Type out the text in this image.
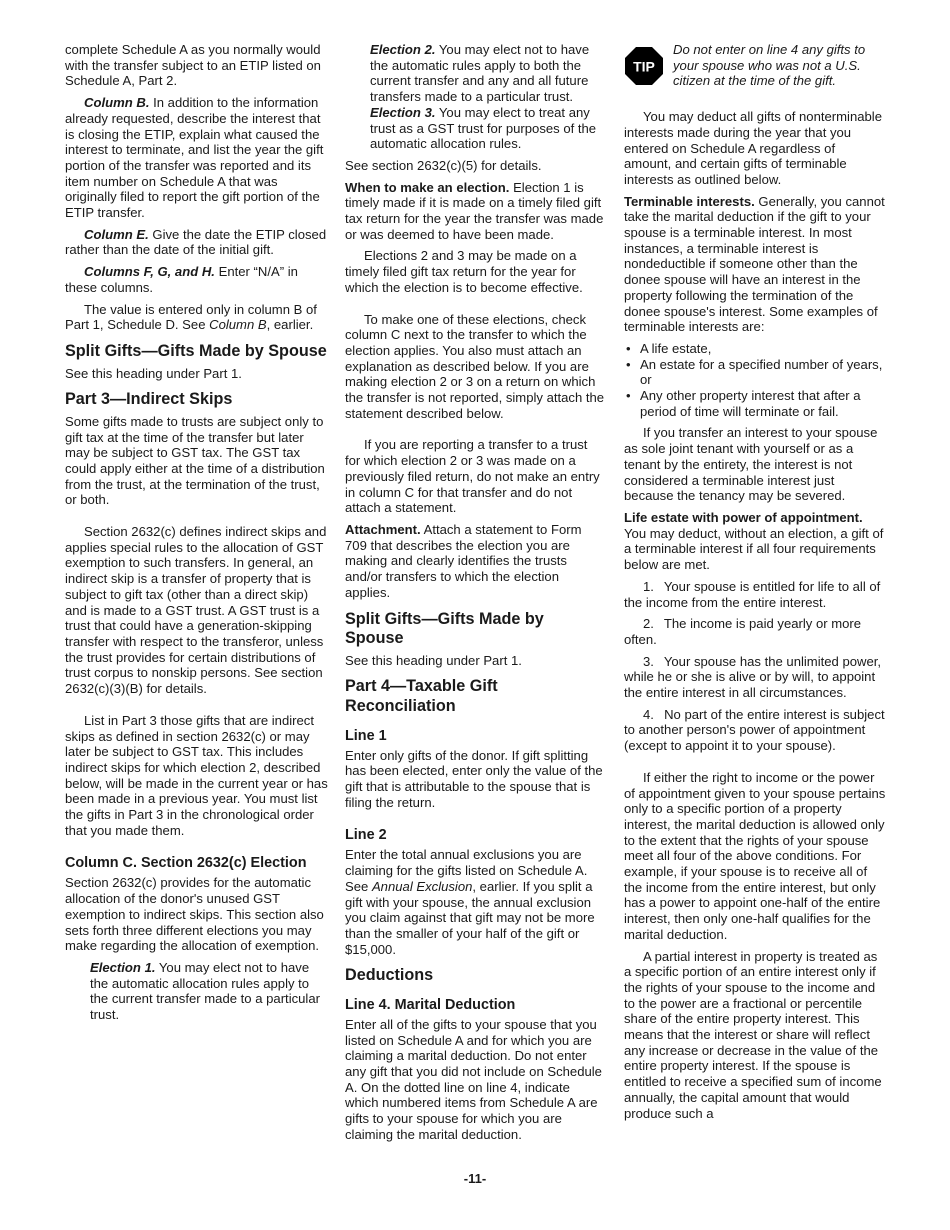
complete Schedule A as you normally would with the transfer subject to an ETIP listed on Schedule A, Part 2.

Column B. In addition to the information already requested, describe the interest that is closing the ETIP, explain what caused the interest to terminate, and list the year the gift portion of the transfer was reported and its item number on Schedule A that was originally filed to report the gift portion of the ETIP transfer.

Column E. Give the date the ETIP closed rather than the date of the initial gift.

Columns F, G, and H. Enter “N/A” in these columns.

The value is entered only in column B of Part 1, Schedule D. See Column B, earlier.

Split Gifts—Gifts Made by Spouse

See this heading under Part 1.

Part 3—Indirect Skips

Some gifts made to trusts are subject only to gift tax at the time of the transfer but later may be subject to GST tax. The GST tax could apply either at the time of a distribution from the trust, at the termination of the trust, or both.

Section 2632(c) defines indirect skips and applies special rules to the allocation of GST exemption to such transfers. In general, an indirect skip is a transfer of property that is subject to gift tax (other than a direct skip) and is made to a GST trust. A GST trust is a trust that could have a generation-skipping transfer with respect to the transferor, unless the trust provides for certain distributions of trust corpus to nonskip persons. See section 2632(c)(3)(B) for details.

List in Part 3 those gifts that are indirect skips as defined in section 2632(c) or may later be subject to GST tax. This includes indirect skips for which election 2, described below, will be made in the current year or has been made in a previous year. You must list the gifts in Part 3 in the chronological order that you made them.

Column C. Section 2632(c) Election

Section 2632(c) provides for the automatic allocation of the donor's unused GST exemption to indirect skips. This section also sets forth three different elections you may make regarding the allocation of exemption.

Election 1. You may elect not to have the automatic allocation rules apply to the current transfer made to a particular trust.

Election 2. You may elect not to have the automatic rules apply to both the current transfer and any and all future transfers made to a particular trust.

Election 3. You may elect to treat any trust as a GST trust for purposes of the automatic allocation rules.

See section 2632(c)(5) for details.

When to make an election. Election 1 is timely made if it is made on a timely filed gift tax return for the year the transfer was made or was deemed to have been made.

Elections 2 and 3 may be made on a timely filed gift tax return for the year for which the election is to become effective.

To make one of these elections, check column C next to the transfer to which the election applies. You also must attach an explanation as described below. If you are making election 2 or 3 on a return on which the transfer is not reported, simply attach the statement described below.

If you are reporting a transfer to a trust for which election 2 or 3 was made on a previously filed return, do not make an entry in column C for that transfer and do not attach a statement.

Attachment. Attach a statement to Form 709 that describes the election you are making and clearly identifies the trusts and/or transfers to which the election applies.

Split Gifts—Gifts Made by Spouse

See this heading under Part 1.

Part 4—Taxable Gift Reconciliation
Line 1

Enter only gifts of the donor. If gift splitting has been elected, enter only the value of the gift that is attributable to the spouse that is filing the return.

Line 2

Enter the total annual exclusions you are claiming for the gifts listed on Schedule A. See Annual Exclusion, earlier. If you split a gift with your spouse, the annual exclusion you claim against that gift may not be more than the smaller of your half of the gift or $15,000.

Deductions
Line 4. Marital Deduction

Enter all of the gifts to your spouse that you listed on Schedule A and for which you are claiming a marital deduction. Do not enter any gift that you did not include on Schedule A. On the dotted line on line 4, indicate which numbered items from Schedule A are gifts to your spouse for which you are claiming the marital deduction.

TIP

Do not enter on line 4 any gifts to your spouse who was not a U.S. citizen at the time of the gift.

You may deduct all gifts of nonterminable interests made during the year that you entered on Schedule A regardless of amount, and certain gifts of terminable interests as outlined below.

Terminable interests. Generally, you cannot take the marital deduction if the gift to your spouse is a terminable interest. In most instances, a terminable interest is nondeductible if someone other than the donee spouse will have an interest in the property following the termination of the donee spouse's interest. Some examples of terminable interests are:

• A life estate,
• An estate for a specified number of years, or
• Any other property interest that after a period of time will terminate or fail.

If you transfer an interest to your spouse as sole joint tenant with yourself or as a tenant by the entirety, the interest is not considered a terminable interest just because the tenancy may be severed.

Life estate with power of appointment. You may deduct, without an election, a gift of a terminable interest if all four requirements below are met.

1.  Your spouse is entitled for life to all of the income from the entire interest.

2.  The income is paid yearly or more often.

3.  Your spouse has the unlimited power, while he or she is alive or by will, to appoint the entire interest in all circumstances.

4.  No part of the entire interest is subject to another person's power of appointment (except to appoint it to your spouse).

If either the right to income or the power of appointment given to your spouse pertains only to a specific portion of a property interest, the marital deduction is allowed only to the extent that the rights of your spouse meet all four of the above conditions. For example, if your spouse is to receive all of the income from the entire interest, but only has a power to appoint one-half of the entire interest, then only one-half qualifies for the marital deduction.

A partial interest in property is treated as a specific portion of an entire interest only if the rights of your spouse to the income and to the power are a fractional or percentile share of the entire property interest. This means that the interest or share will reflect any increase or decrease in the value of the entire property interest. If the spouse is entitled to receive a specified sum of income annually, the capital amount that would produce such a

-11-
